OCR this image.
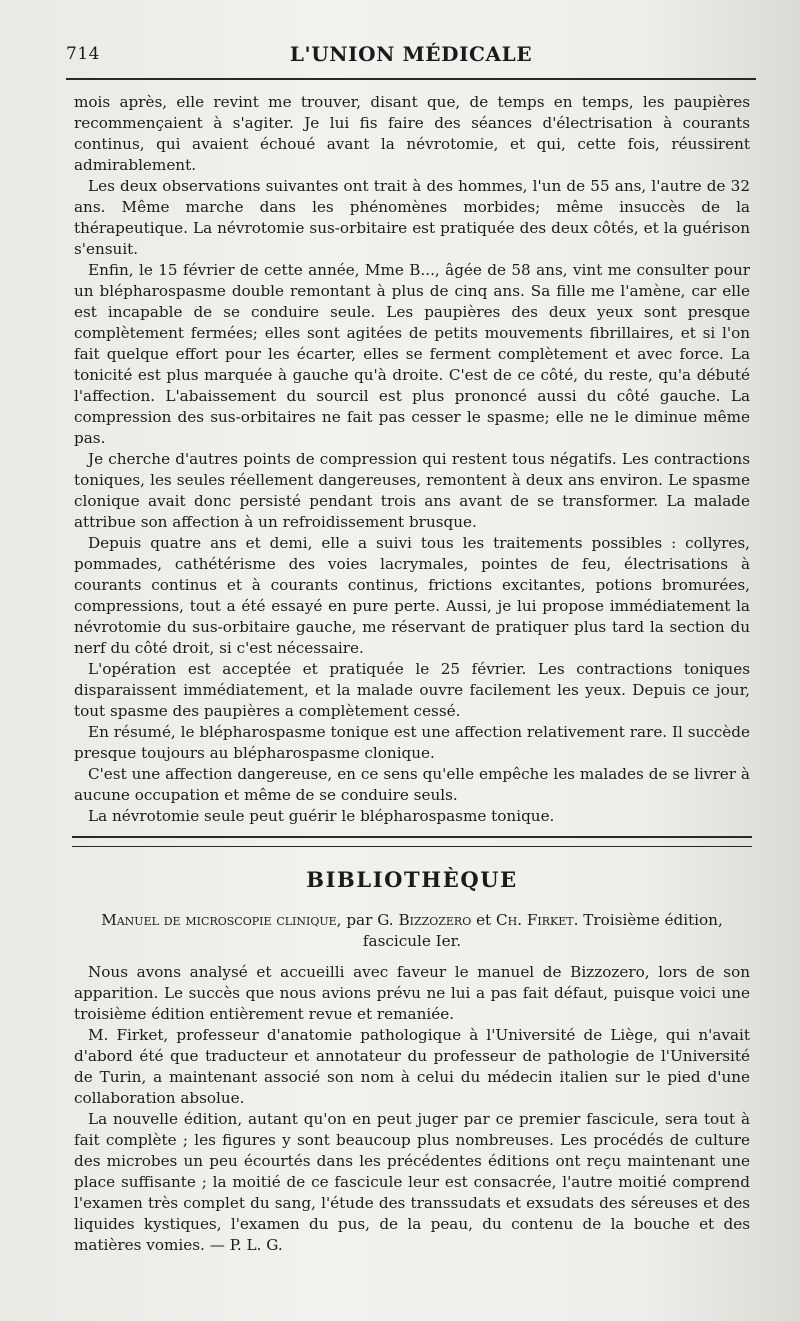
714	L'UNION MÉDICALE

mois après, elle revint me trouver, disant que, de temps en temps, les paupières recommençaient à s'agiter. Je lui fis faire des séances d'électrisation à courants continus, qui avaient échoué avant la névrotomie, et qui, cette fois, réussirent admirablement.

Les deux observations suivantes ont trait à des hommes, l'un de 55 ans, l'autre de 32 ans. Même marche dans les phénomènes morbides; même insuccès de la thérapeutique. La névrotomie sus-orbitaire est pratiquée des deux côtés, et la guérison s'ensuit.

Enfin, le 15 février de cette année, Mme B..., âgée de 58 ans, vint me consulter pour un blépharospasme double remontant à plus de cinq ans. Sa fille me l'amène, car elle est incapable de se conduire seule. Les paupières des deux yeux sont presque complètement fermées; elles sont agitées de petits mouvements fibrillaires, et si l'on fait quelque effort pour les écarter, elles se ferment complètement et avec force. La tonicité est plus marquée à gauche qu'à droite. C'est de ce côté, du reste, qu'a débuté l'affection. L'abaissement du sourcil est plus prononcé aussi du côté gauche. La compression des sus-orbitaires ne fait pas cesser le spasme; elle ne le diminue même pas.

Je cherche d'autres points de compression qui restent tous négatifs. Les contractions toniques, les seules réellement dangereuses, remontent à deux ans environ. Le spasme clonique avait donc persisté pendant trois ans avant de se transformer. La malade attribue son affection à un refroidissement brusque.

Depuis quatre ans et demi, elle a suivi tous les traitements possibles : collyres, pommades, cathétérisme des voies lacrymales, pointes de feu, électrisations à courants continus et à courants continus, frictions excitantes, potions bromurées, compressions, tout a été essayé en pure perte. Aussi, je lui propose immédiatement la névrotomie du sus-orbitaire gauche, me réservant de pratiquer plus tard la section du nerf du côté droit, si c'est nécessaire.

L'opération est acceptée et pratiquée le 25 février. Les contractions toniques disparaissent immédiatement, et la malade ouvre facilement les yeux. Depuis ce jour, tout spasme des paupières a complètement cessé.

En résumé, le blépharospasme tonique est une affection relativement rare. Il succède presque toujours au blépharospasme clonique.

C'est une affection dangereuse, en ce sens qu'elle empêche les malades de se livrer à aucune occupation et même de se conduire seuls.

La névrotomie seule peut guérir le blépharospasme tonique.

BIBLIOTHÈQUE
Manuel de microscopie clinique, par G. Bizzozero et Ch. Firket. Troisième édition, fascicule Ier.

Nous avons analysé et accueilli avec faveur le manuel de Bizzozero, lors de son apparition. Le succès que nous avions prévu ne lui a pas fait défaut, puisque voici une troisième édition entièrement revue et remaniée.

M. Firket, professeur d'anatomie pathologique à l'Université de Liège, qui n'avait d'abord été que traducteur et annotateur du professeur de pathologie de l'Université de Turin, a maintenant associé son nom à celui du médecin italien sur le pied d'une collaboration absolue.

La nouvelle édition, autant qu'on en peut juger par ce premier fascicule, sera tout à fait complète ; les figures y sont beaucoup plus nombreuses. Les procédés de culture des microbes un peu écourtés dans les précédentes éditions ont reçu maintenant une place suffisante ; la moitié de ce fascicule leur est consacrée, l'autre moitié comprend l'examen très complet du sang, l'étude des transsudats et exsudats des séreuses et des liquides kystiques, l'examen du pus, de la peau, du contenu de la bouche et des matières vomies. — P. L. G.
